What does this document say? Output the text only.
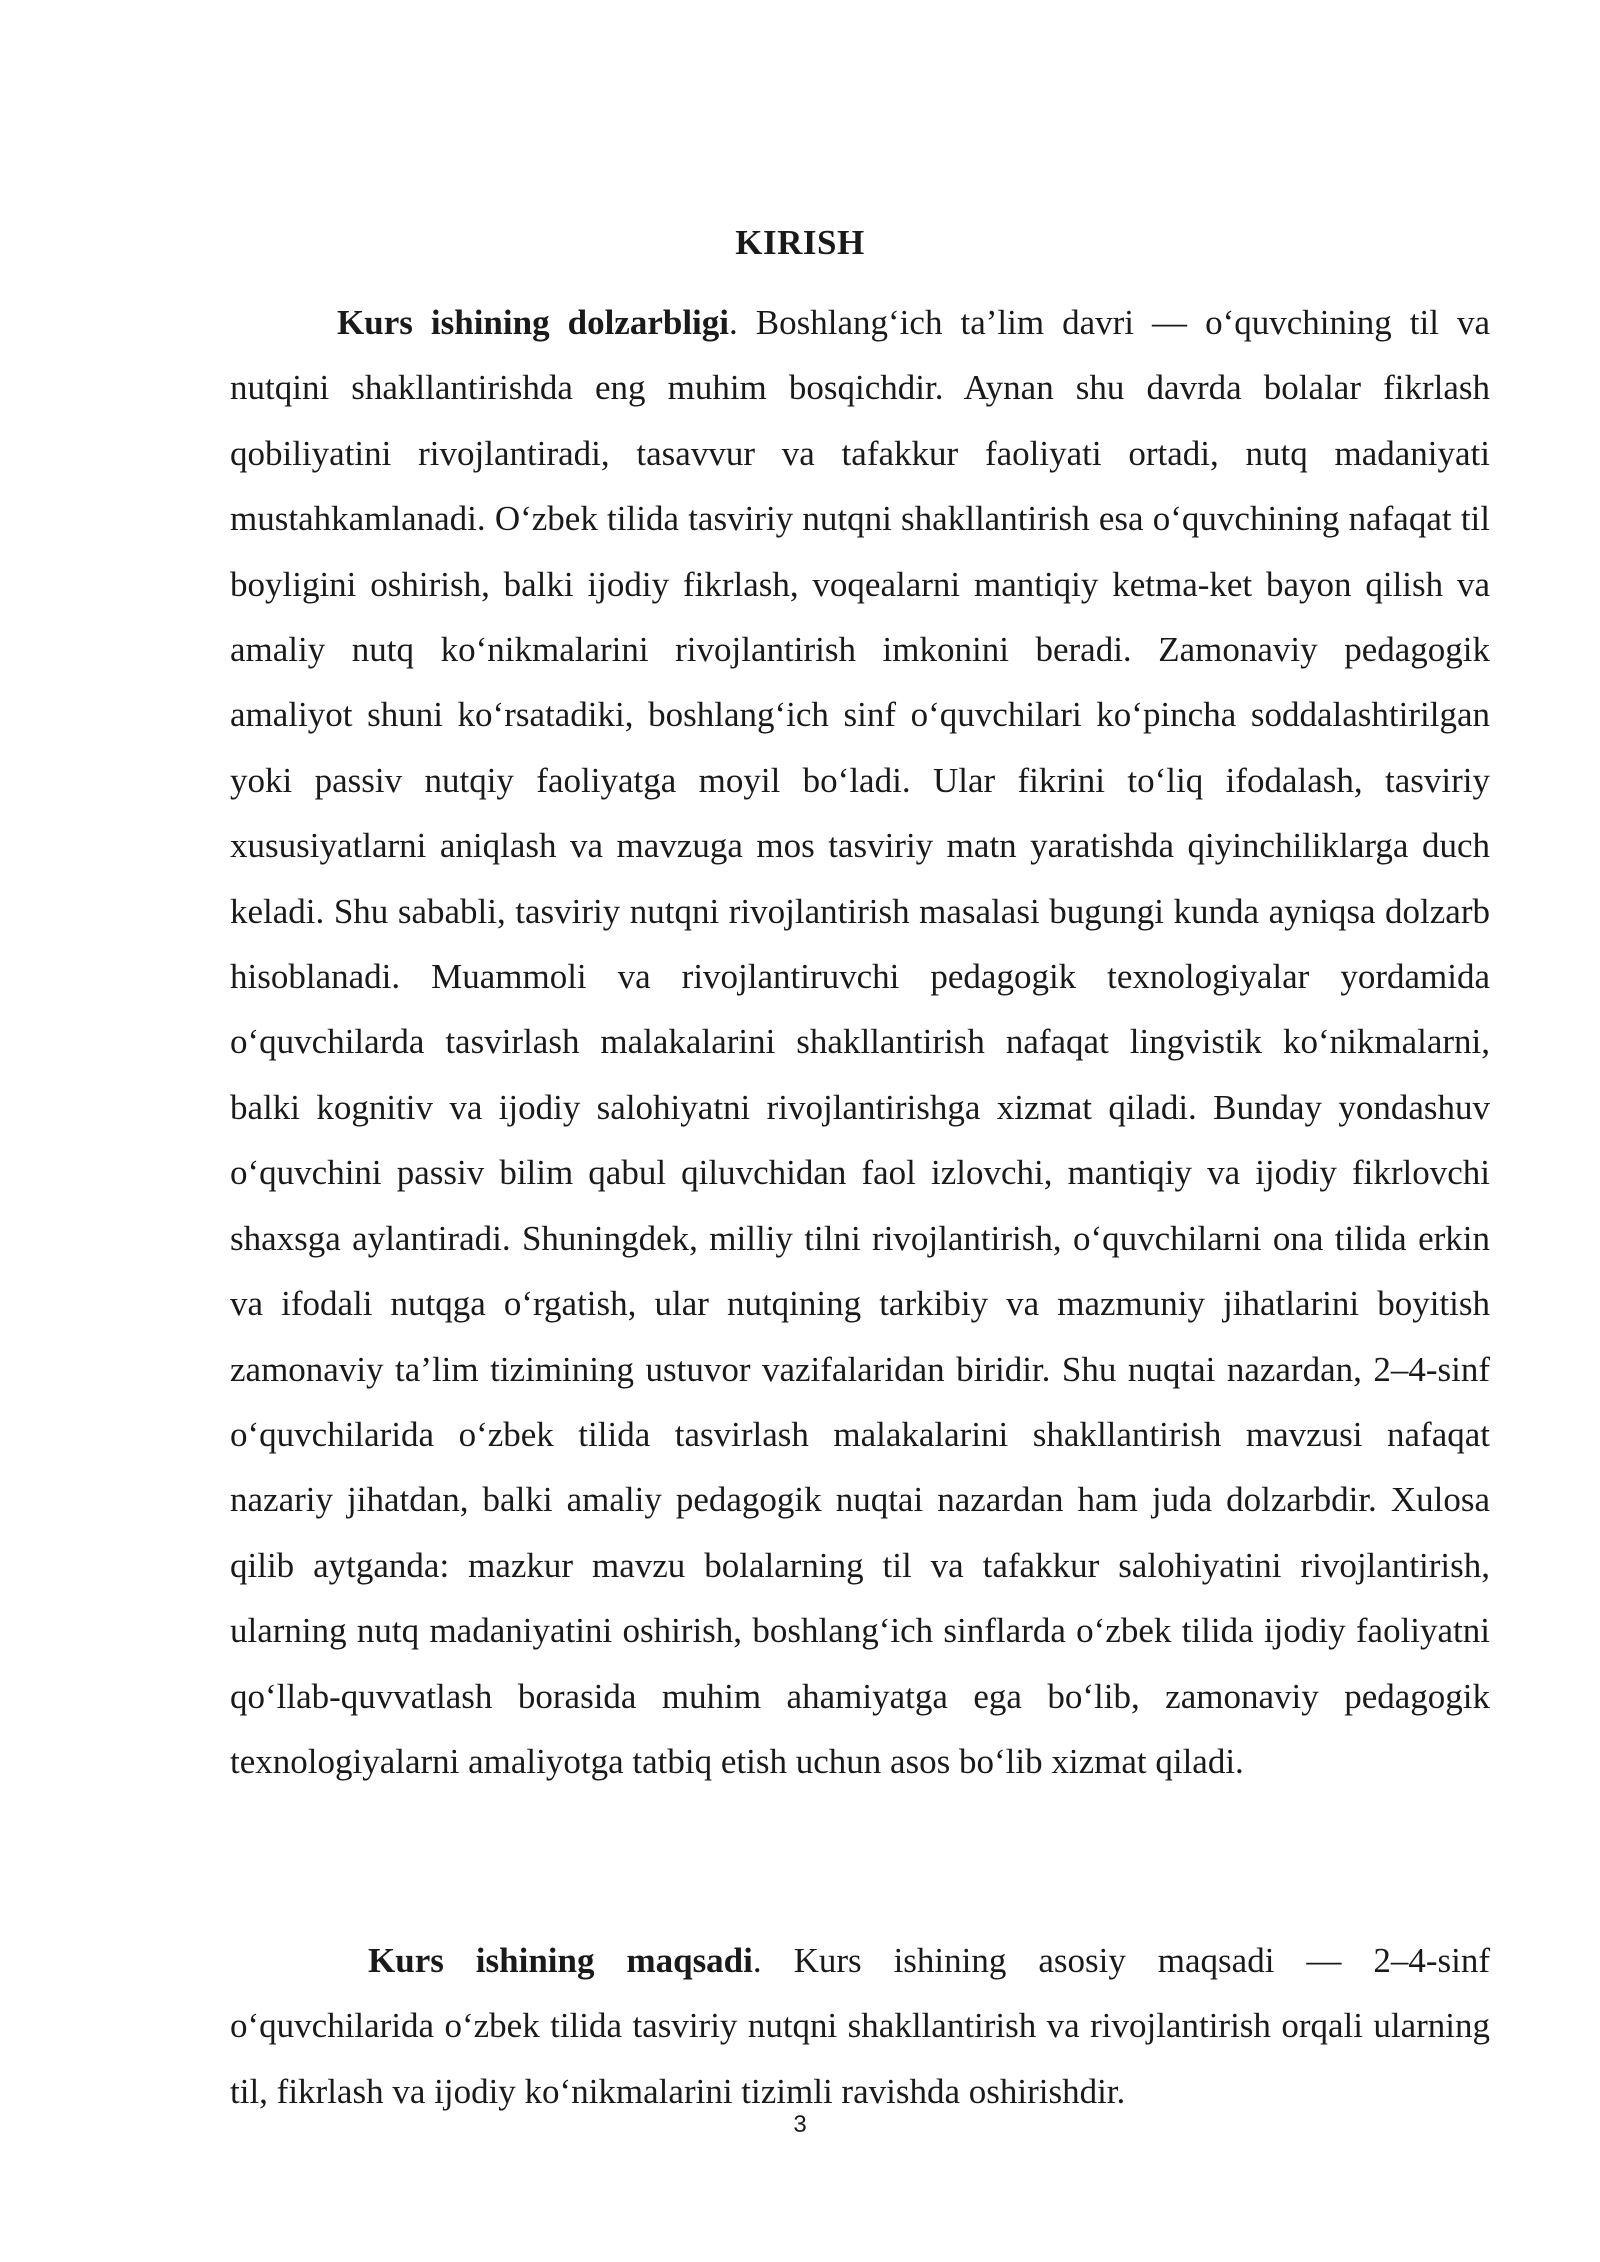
KIRISH

Kurs ishining dolzarbligi. Boshlang‘ich ta’lim davri — o‘quvchining til va nutqini shakllantirishda eng muhim bosqichdir. Aynan shu davrda bolalar fikrlash qobiliyatini rivojlantiradi, tasavvur va tafakkur faoliyati ortadi, nutq madaniyati mustahkamlanadi. O‘zbek tilida tasviriy nutqni shakllantirish esa o‘quvchining nafaqat til boyligini oshirish, balki ijodiy fikrlash, voqealarni mantiqiy ketma-ket bayon qilish va amaliy nutq ko‘nikmalarini rivojlantirish imkonini beradi. Zamonaviy pedagogik amaliyot shuni ko‘rsatadiki, boshlang‘ich sinf o‘quvchilari ko‘pincha soddalashtirilgan yoki passiv nutqiy faoliyatga moyil bo‘ladi. Ular fikrini to‘liq ifodalash, tasviriy xususiyatlarni aniqlash va mavzuga mos tasviriy matn yaratishda qiyinchiliklarga duch keladi. Shu sababli, tasviriy nutqni rivojlantirish masalasi bugungi kunda ayniqsa dolzarb hisoblanadi. Muammoli va rivojlantiruvchi pedagogik texnologiyalar yordamida o‘quvchilarda tasvirlash malakalarini shakllantirish nafaqat lingvistik ko‘nikmalarni, balki kognitiv va ijodiy salohiyatni rivojlantirishga xizmat qiladi. Bunday yondashuv o‘quvchini passiv bilim qabul qiluvchidan faol izlovchi, mantiqiy va ijodiy fikrlovchi shaxsga aylantiradi. Shuningdek, milliy tilni rivojlantirish, o‘quvchilarni ona tilida erkin va ifodali nutqga o‘rgatish, ular nutqining tarkibiy va mazmuniy jihatlarini boyitish zamonaviy ta’lim tizimining ustuvor vazifalaridan biridir. Shu nuqtai nazardan, 2–4-sinf o‘quvchilarida o‘zbek tilida tasvirlash malakalarini shakllantirish mavzusi nafaqat nazariy jihatdan, balki amaliy pedagogik nuqtai nazardan ham juda dolzarbdir. Xulosa qilib aytganda: mazkur mavzu bolalarning til va tafakkur salohiyatini rivojlantirish, ularning nutq madaniyatini oshirish, boshlang‘ich sinflarda o‘zbek tilida ijodiy faoliyatni qo‘llab-quvvatlash borasida muhim ahamiyatga ega bo‘lib, zamonaviy pedagogik texnologiyalarni amaliyotga tatbiq etish uchun asos bo‘lib xizmat qiladi.

Kurs ishining maqsadi. Kurs ishining asosiy maqsadi — 2–4-sinf o‘quvchilarida o‘zbek tilida tasviriy nutqni shakllantirish va rivojlantirish orqali ularning til, fikrlash va ijodiy ko‘nikmalarini tizimli ravishda oshirishdir.

3
